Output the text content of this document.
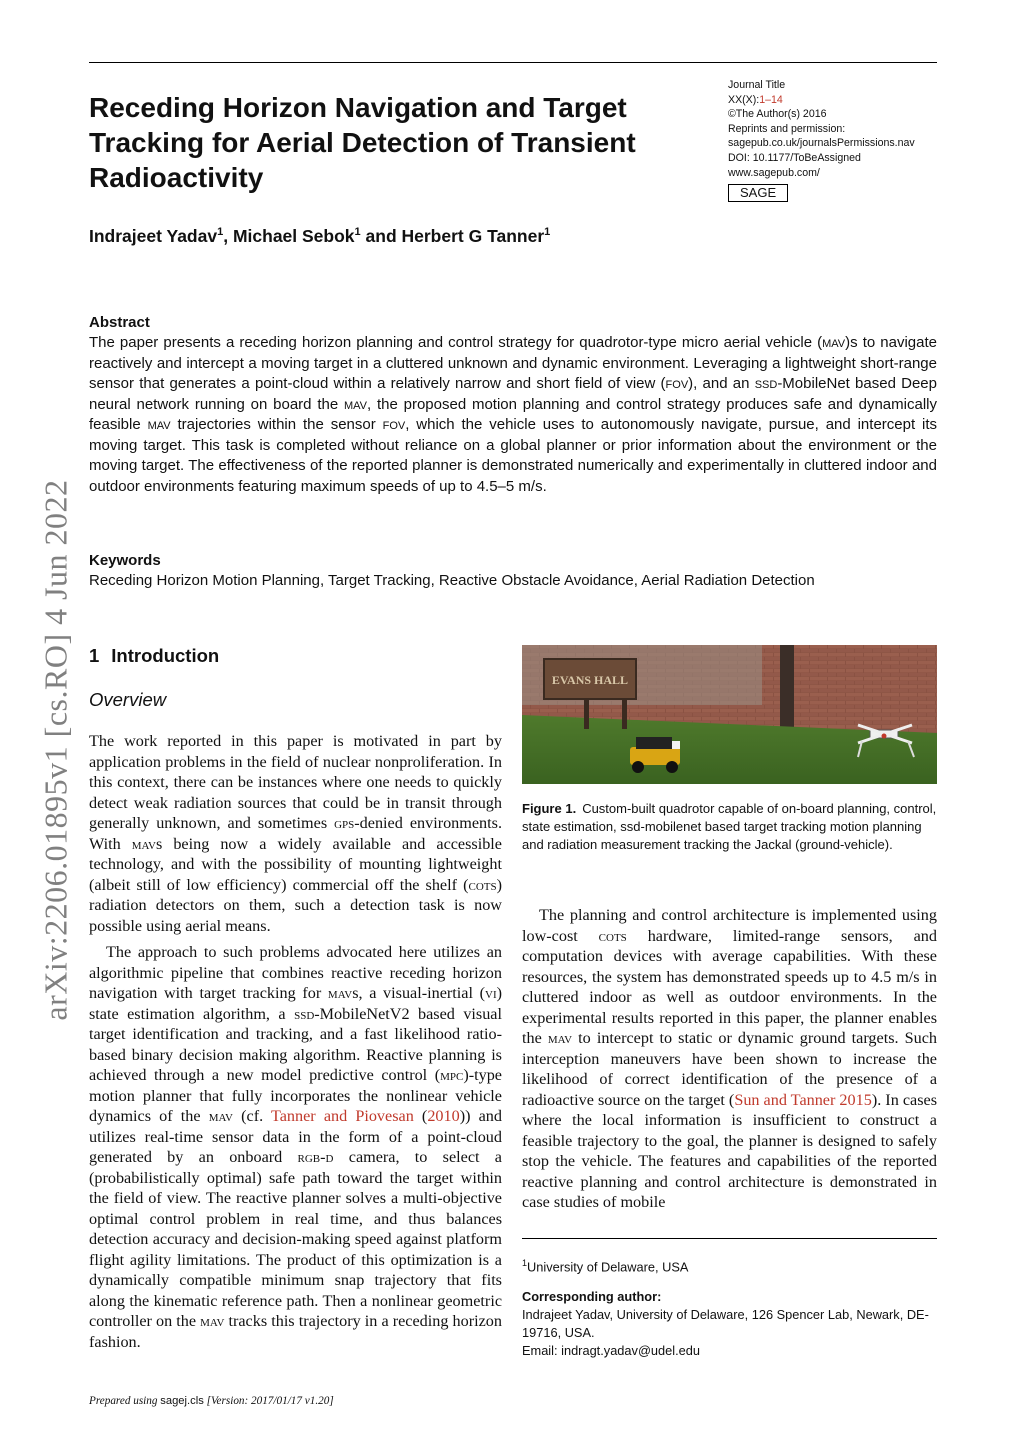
Journal Title
XX(X):1–14
©The Author(s) 2016
Reprints and permission:
sagepub.co.uk/journalsPermissions.nav
DOI: 10.1177/ToBeAssigned
www.sagepub.com/
SAGE
Receding Horizon Navigation and Target Tracking for Aerial Detection of Transient Radioactivity
Indrajeet Yadav$^1$, Michael Sebok$^1$ and Herbert G Tanner$^1$
Abstract

The paper presents a receding horizon planning and control strategy for quadrotor-type micro aerial vehicle (mav)s to navigate reactively and intercept a moving target in a cluttered unknown and dynamic environment. Leveraging a lightweight short-range sensor that generates a point-cloud within a relatively narrow and short field of view (fov), and an ssd-MobileNet based Deep neural network running on board the mav, the proposed motion planning and control strategy produces safe and dynamically feasible mav trajectories within the sensor fov, which the vehicle uses to autonomously navigate, pursue, and intercept its moving target. This task is completed without reliance on a global planner or prior information about the environment or the moving target. The effectiveness of the reported planner is demonstrated numerically and experimentally in cluttered indoor and outdoor environments featuring maximum speeds of up to 4.5–5 m/s.

Keywords
Receding Horizon Motion Planning, Target Tracking, Reactive Obstacle Avoidance, Aerial Radiation Detection
arXiv:2206.01895v1 [cs.RO] 4 Jun 2022 1 Introduction
Overview

The work reported in this paper is motivated in part by application problems in the field of nuclear nonproliferation. In this context, there can be instances where one needs to quickly detect weak radiation sources that could be in transit through generally unknown, and sometimes gps-denied environments. With mavs being now a widely available and accessible technology, and with the possibility of mounting lightweight (albeit still of low efficiency) commercial off the shelf (cots) radiation detectors on them, such a detection task is now possible using aerial means.

The approach to such problems advocated here utilizes an algorithmic pipeline that combines reactive receding horizon navigation with target tracking for mavs, a visual-inertial (vi) state estimation algorithm, a ssd-MobileNetV2 based visual target identification and tracking, and a fast likelihood ratio-based binary decision making algorithm. Reactive planning is achieved through a new model predictive control (mpc)-type motion planner that fully incorporates the nonlinear vehicle dynamics of the mav (cf. Tanner and Piovesan (2010)) and utilizes real-time sensor data in the form of a point-cloud generated by an onboard rgb-d camera, to select a (probabilistically optimal) safe path toward the target within the field of view. The reactive planner solves a multi-objective optimal control problem in real time, and thus balances detection accuracy and decision-making speed against platform flight agility limitations. The product of this optimization is a dynamically compatible minimum snap trajectory that fits along the kinematic reference path. Then a nonlinear geometric controller on the mav tracks this trajectory in a receding horizon fashion.

EVANS HALL
Figure 1. Custom-built quadrotor capable of on-board planning, control, state estimation, ssd-mobilenet based target tracking motion planning and radiation measurement tracking the Jackal (ground-vehicle).

The planning and control architecture is implemented using low-cost cots hardware, limited-range sensors, and computation devices with average capabilities. With these resources, the system has demonstrated speeds up to 4.5 m/s in cluttered indoor as well as outdoor environments. In the experimental results reported in this paper, the planner enables the mav to intercept to static or dynamic ground targets. Such interception maneuvers have been shown to increase the likelihood of correct identification of the presence of a radioactive source on the target (Sun and Tanner 2015). In cases where the local information is insufficient to construct a feasible trajectory to the goal, the planner is designed to safely stop the vehicle. The features and capabilities of the reported reactive planning and control architecture is demonstrated in case studies of mobile

$^1$University of Delaware, USA

Corresponding author:

Indrajeet Yadav, University of Delaware, 126 Spencer Lab, Newark, DE-19716, USA.

Email: indragt.yadav@udel.edu

Prepared using sagej.cls [Version: 2017/01/17 v1.20]
